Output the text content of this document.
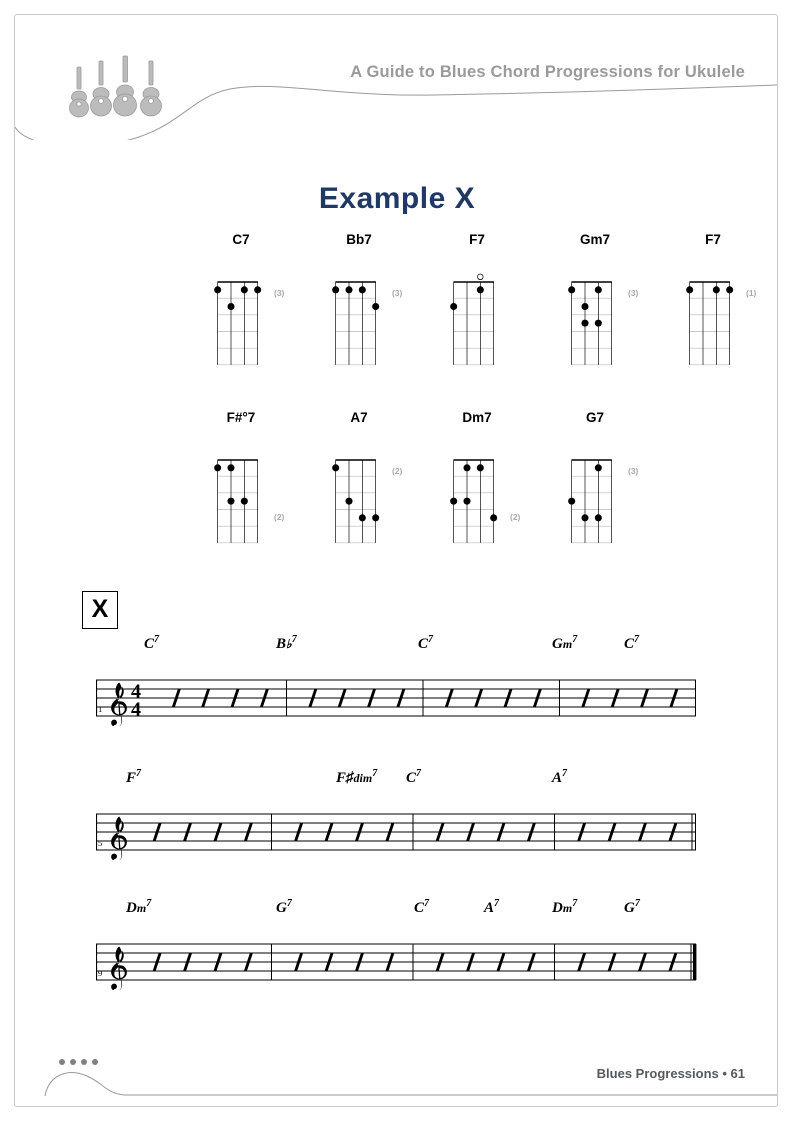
A Guide to Blues Chord Progressions for Ukulele
Example X
C7
(3)
Bb7
(3)
F7	Gm7
(3)
F7
(1)
F#°7
(2)
A7
(2)
Dm7
(2)
G7
(3)
X
$C^7$	B♭$^7$	$C^7$	Gm$^7$	$C^7$
4
4
1
$F^7$	F♯dim$^7$ $C^7$	$A^7$
5
Dm$^7$	$G^7$	$C^7$	$A^7$	Dm$^7$	$G^7$
9
Blues Progressions • 61
